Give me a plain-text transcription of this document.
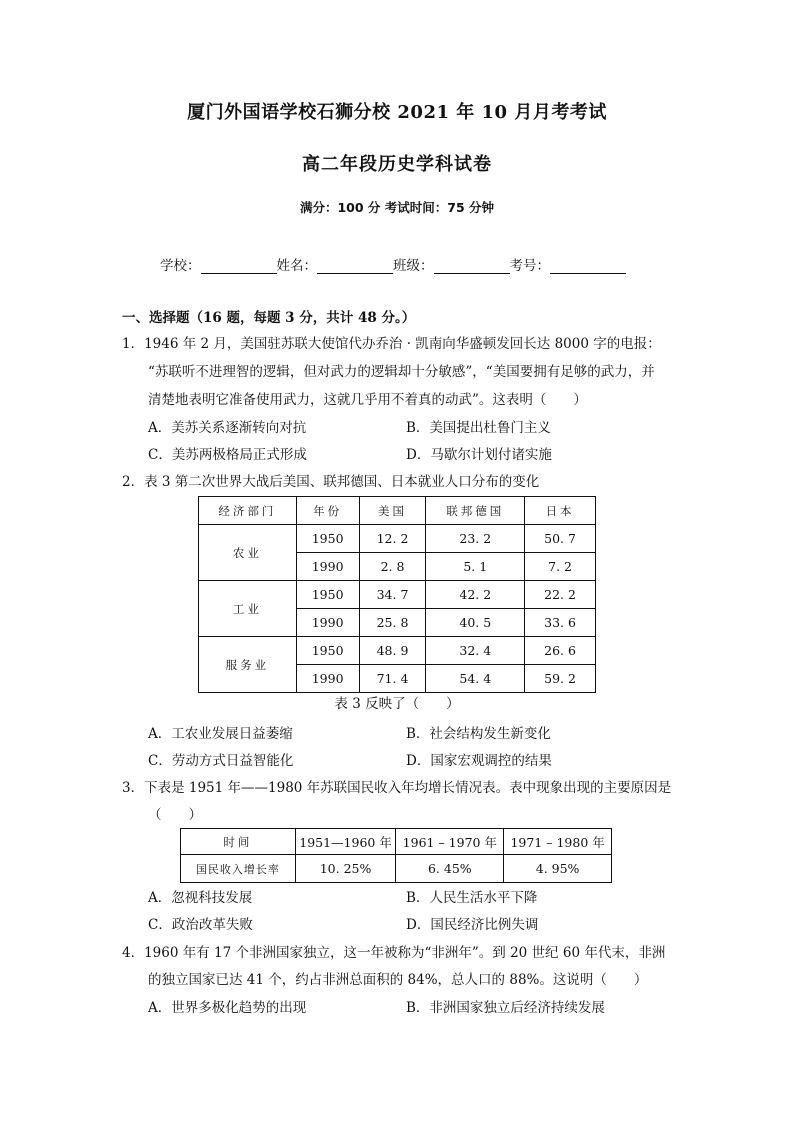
厦门外国语学校石狮分校 2021 年 10 月月考考试
高二年段历史学科试卷
满分：100 分 考试时间：75 分钟
学校：	姓名：	班级：	考号：
一、选择题（16 题，每题 3 分，共计 48 分。）
1．1946 年 2 月，美国驻苏联大使馆代办乔治 · 凯南向华盛顿发回长达 8000 字的电报：
“苏联听不进理智的逻辑，但对武力的逻辑却十分敏感”，“美国要拥有足够的武力，并
清楚地表明它准备使用武力，这就几乎用不着真的动武”。这表明（　　）
A．美苏关系逐渐转向对抗	B．美国提出杜鲁门主义
C．美苏两极格局正式形成	D．马歇尔计划付诸实施
2．表 3 第二次世界大战后美国、联邦德国、日本就业人口分布的变化
经济部门	年份	美国	联邦德国	日本
农业	1950	12. 2	23. 2	50. 7
	1990	2. 8	5. 1	7. 2
工业	1950	34. 7	42. 2	22. 2
	1990	25. 8	40. 5	33. 6
服务业	1950	48. 9	32. 4	26. 6
	1990	71. 4	54. 4	59. 2
表 3 反映了（　　）
A．工农业发展日益萎缩	B．社会结构发生新变化
C．劳动方式日益智能化	D．国家宏观调控的结果
3．下表是 1951 年——1980 年苏联国民收入年均增长情况表。表中现象出现的主要原因是
（　　）
时间	1951—1960 年	1961 – 1970 年	1971 – 1980 年
国民收入增长率	10. 25%	6. 45%	4. 95%
A．忽视科技发展	B．人民生活水平下降
C．政治改革失败	D．国民经济比例失调
4．1960 年有 17 个非洲国家独立，这一年被称为“非洲年”。到 20 世纪 60 年代末，非洲
的独立国家已达 41 个，约占非洲总面积的 84%，总人口的 88%。这说明（　　）
A．世界多极化趋势的出现	B．非洲国家独立后经济持续发展
